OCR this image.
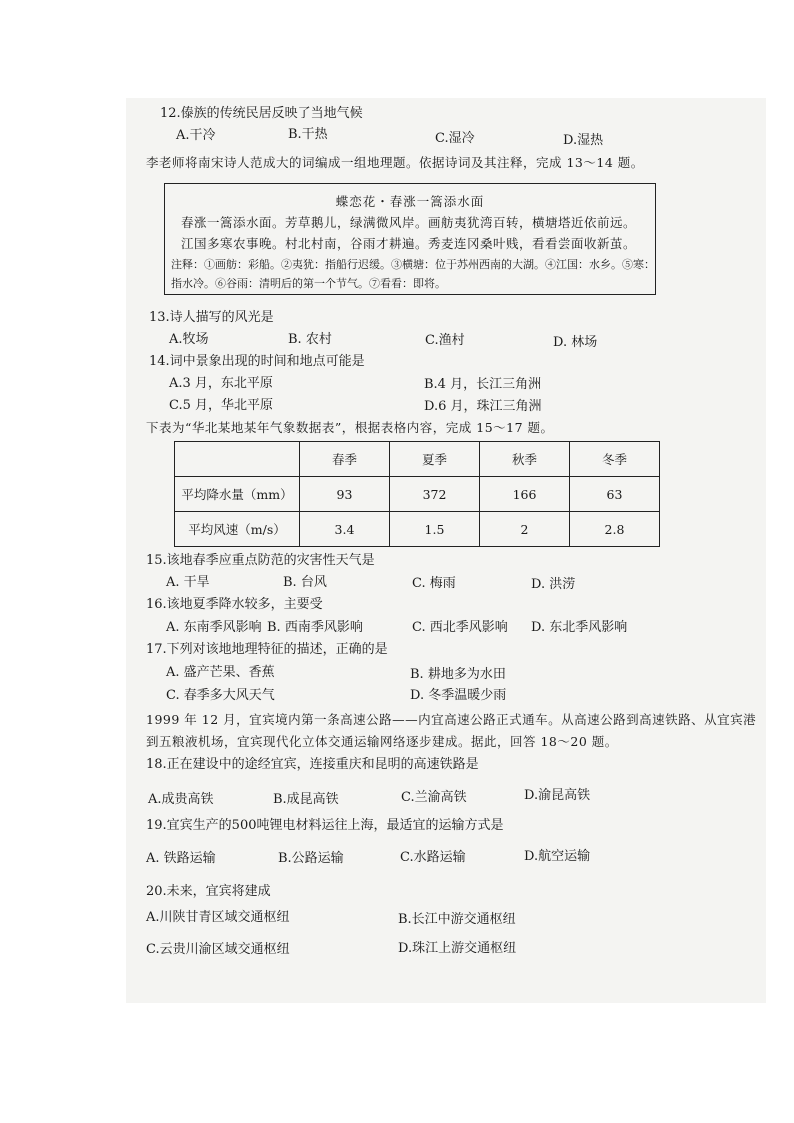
12.傣族的传统民居反映了当地气候
A.干冷	B.干热	C.湿冷	D.湿热
李老师将南宋诗人范成大的词编成一组地理题。依据诗词及其注释，完成 13～14 题。
蝶恋花・春涨一篙添水面
春涨一篙添水面。芳草鹅儿，绿满微风岸。画舫夷犹湾百转，横塘塔近依前远。
江国多寒农事晚。村北村南，谷雨才耕遍。秀麦连冈桑叶贱，看看尝面收新茧。
注释：①画舫：彩船。②夷犹：指船行迟缓。③横塘：位于苏州西南的大湖。④江国：水乡。⑤寒：
指水冷。⑥谷雨：清明后的第一个节气。⑦看看：即将。
13.诗人描写的风光是
A.牧场	B. 农村	C.渔村	D. 林场
14.词中景象出现的时间和地点可能是
A.3 月，东北平原	B.4 月，长江三角洲
C.5 月，华北平原	D.6 月，珠江三角洲
下表为“华北某地某年气象数据表”，根据表格内容，完成 15～17 题。
	春季	夏季	秋季	冬季
平均降水量（mm）	93	372	166	63
平均风速（m/s）	3.4	1.5	2	2.8
15.该地春季应重点防范的灾害性天气是
A. 干旱	B. 台风	C. 梅雨	D. 洪涝
16.该地夏季降水较多，主要受
A. 东南季风影响 B. 西南季风影响	C. 西北季风影响 D. 东北季风影响
17.下列对该地地理特征的描述，正确的是
A. 盛产芒果、香蕉	B. 耕地多为水田
C. 春季多大风天气	D. 冬季温暖少雨
1999 年 12 月，宜宾境内第一条高速公路——内宜高速公路正式通车。从高速公路到高速铁路、从宜宾港
到五粮液机场，宜宾现代化立体交通运输网络逐步建成。据此，回答 18～20 题。
18.正在建设中的途经宜宾，连接重庆和昆明的高速铁路是
A.成贵高铁	B.成昆高铁	C.兰渝高铁	D.渝昆高铁
19.宜宾生产的500吨锂电材料运往上海，最适宜的运输方式是
A. 铁路运输	B.公路运输	C.水路运输	D.航空运输
20.未来，宜宾将建成
A.川陕甘青区域交通枢纽	B.长江中游交通枢纽
C.云贵川渝区域交通枢纽	D.珠江上游交通枢纽
